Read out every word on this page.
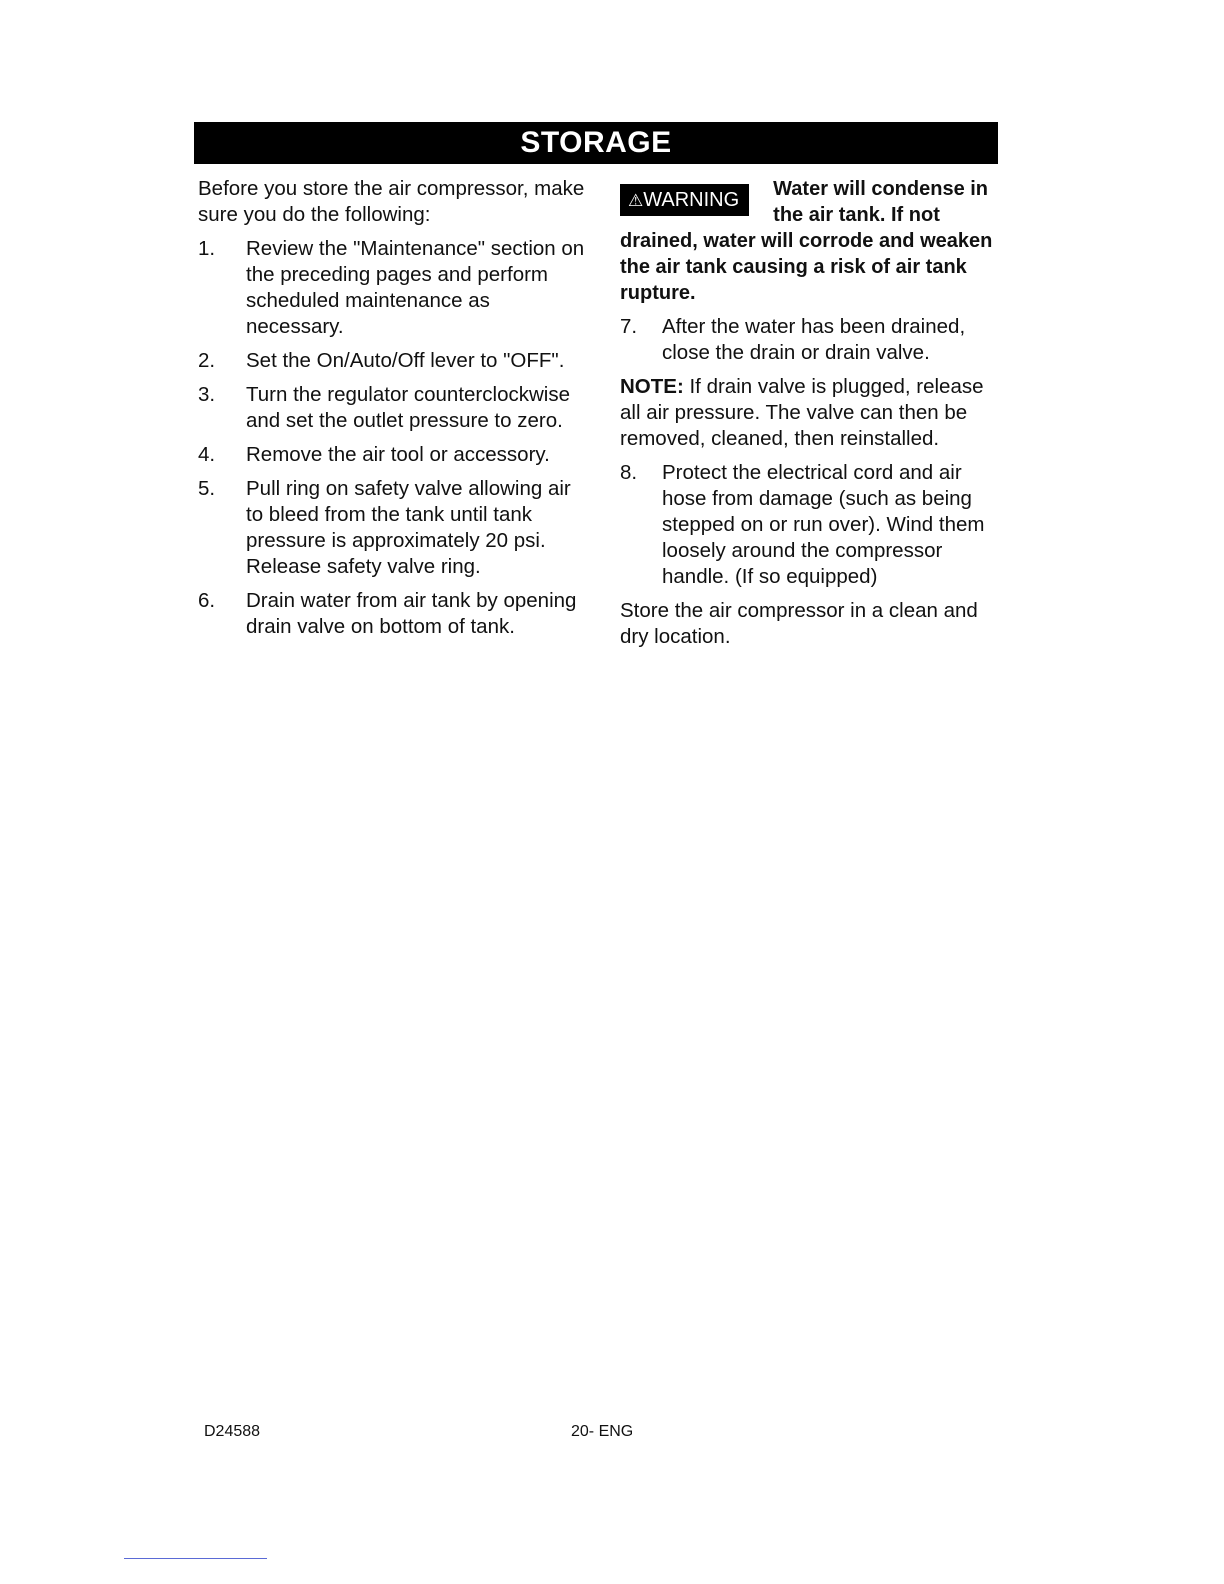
STORAGE

Before you store the air compressor, make sure you do the following:

1. Review the "Maintenance" section on the preceding pages and perform scheduled maintenance as necessary.
2. Set the On/Auto/Off lever to "OFF".
3. Turn the regulator counterclockwise and set the outlet pressure to zero.
4. Remove the air tool or accessory.
5. Pull ring on safety valve allowing air to bleed from the tank until tank pressure is approximately 20 psi. Release safety valve ring.
6. Drain water from air tank by opening drain valve on bottom of tank.
⚠WARNING	Water will condense in the air tank. If not drained, water will corrode and weaken the air tank causing a risk of air tank rupture.
7. After the water has been drained, close the drain or drain valve.

NOTE: If drain valve is plugged, release all air pressure. The valve can then be removed, cleaned, then reinstalled.

8. Protect the electrical cord and air hose from damage (such as being stepped on or run over). Wind them loosely around the compressor handle. (If so equipped)

Store the air compressor in a clean and dry location.

D24588	20- ENG
